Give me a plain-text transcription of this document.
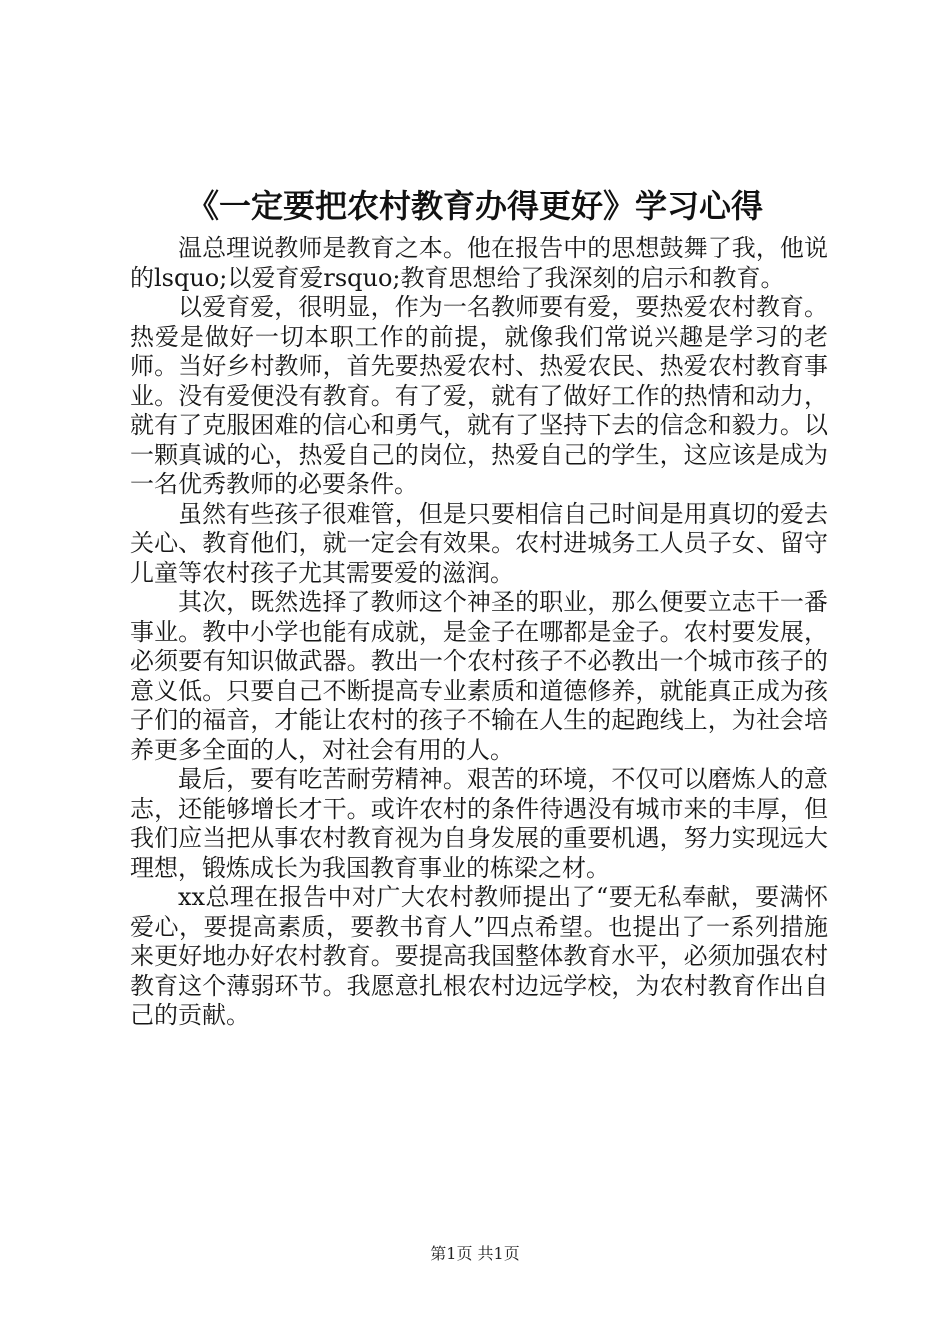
《一定要把农村教育办得更好》学习心得

温总理说教师是教育之本。他在报告中的思想鼓舞了我，他说的lsquo;以爱育爱rsquo;教育思想给了我深刻的启示和教育。

以爱育爱，很明显，作为一名教师要有爱，要热爱农村教育。热爱是做好一切本职工作的前提，就像我们常说兴趣是学习的老师。当好乡村教师，首先要热爱农村、热爱农民、热爱农村教育事业。没有爱便没有教育。有了爱，就有了做好工作的热情和动力，就有了克服困难的信心和勇气，就有了坚持下去的信念和毅力。以一颗真诚的心，热爱自己的岗位，热爱自己的学生，这应该是成为一名优秀教师的必要条件。

虽然有些孩子很难管，但是只要相信自己时间是用真切的爱去关心、教育他们，就一定会有效果。农村进城务工人员子女、留守儿童等农村孩子尤其需要爱的滋润。

其次，既然选择了教师这个神圣的职业，那么便要立志干一番事业。教中小学也能有成就，是金子在哪都是金子。农村要发展，必须要有知识做武器。教出一个农村孩子不必教出一个城市孩子的意义低。只要自己不断提高专业素质和道德修养，就能真正成为孩子们的福音，才能让农村的孩子不输在人生的起跑线上，为社会培养更多全面的人，对社会有用的人。

最后，要有吃苦耐劳精神。艰苦的环境，不仅可以磨炼人的意志，还能够增长才干。或许农村的条件待遇没有城市来的丰厚，但我们应当把从事农村教育视为自身发展的重要机遇，努力实现远大理想，锻炼成长为我国教育事业的栋梁之材。

xx总理在报告中对广大农村教师提出了“要无私奉献，要满怀爱心，要提高素质，要教书育人”四点希望。也提出了一系列措施来更好地办好农村教育。要提高我国整体教育水平，必须加强农村教育这个薄弱环节。我愿意扎根农村边远学校，为农村教育作出自己的贡献。

第1页 共1页
